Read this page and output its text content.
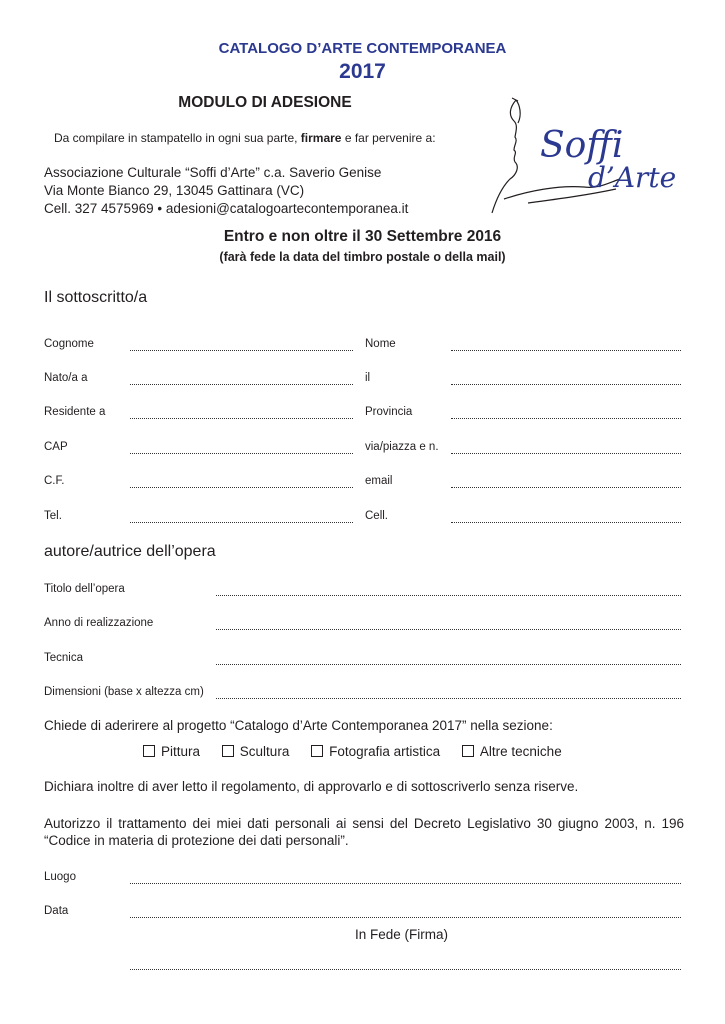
CATALOGO D’ARTE CONTEMPORANEA
2017
MODULO DI ADESIONE
Da compilare in stampatello in ogni sua parte, firmare e far pervenire a:
Associazione Culturale “Soffi d’Arte” c.a. Saverio Genise
Via Monte Bianco 29, 13045 Gattinara (VC)
Cell. 327 4575969 • adesioni@catalogoartecontemporanea.it
Soffi
d’Arte
Entro e non oltre il 30 Settembre 2016
(farà fede la data del timbro postale o della mail)
Il sottoscritto/a
Cognome	Nome
Nato/a a	il
Residente a	Provincia
CAP	via/piazza e n.
C.F.	email
Tel.	Cell.
autore/autrice dell’opera
Titolo dell’opera
Anno di realizzazione
Tecnica
Dimensioni (base x altezza cm)
Chiede di aderirere al progetto “Catalogo d’Arte Contemporanea 2017” nella sezione:
Pittura	Scultura	Fotografia artistica	Altre tecniche
Dichiara inoltre di aver letto il regolamento, di approvarlo e di sottoscriverlo senza riserve.
Autorizzo il trattamento dei miei dati personali ai sensi del Decreto Legislativo 30 giugno 2003, n. 196 “Codice in materia di protezione dei dati personali”.
Luogo
Data
In Fede (Firma)
